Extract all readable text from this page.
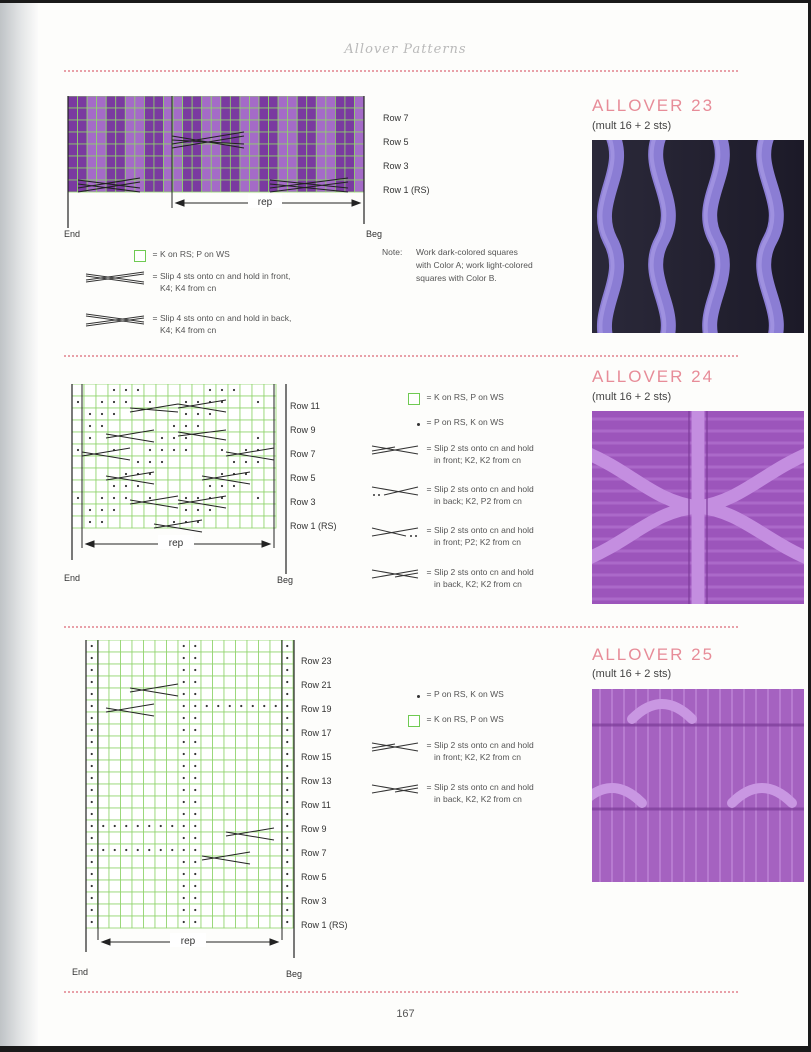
Allover Patterns
rep
Row 7
Row 5
Row 3
Row 1 (RS)
End	Beg
= K on RS; P on WS
= Slip 4 sts onto cn and hold in front,
K4; K4 from cn
= Slip 4 sts onto cn and hold in back,
K4; K4 from cn
Note:	Work dark-colored squares
with Color A; work light-colored
squares with Color B.
ALLOVER 23
(mult 16 + 2 sts)
rep
Row 11
Row 9
Row 7
Row 5
Row 3
Row 1 (RS)
End	Beg
= K on RS, P on WS
= P on RS, K on WS
= Slip 2 sts onto cn and hold
in front; K2, K2 from cn
= Slip 2 sts onto cn and hold
in back; K2, P2 from cn
= Slip 2 sts onto cn and hold
in front; P2; K2 from cn
= Slip 2 sts onto cn and hold
in back, K2; K2 from cn
ALLOVER 24
(mult 16 + 2 sts)
rep
Row 23
Row 21
Row 19
Row 17
Row 15
Row 13
Row 11
Row 9
Row 7
Row 5
Row 3
Row 1 (RS)
End	Beg
= P on RS, K on WS
= K on RS, P on WS
= Slip 2 sts onto cn and hold
in front; K2, K2 from cn
= Slip 2 sts onto cn and hold
in back, K2, K2 from cn
ALLOVER 25
(mult 16 + 2 sts)
167
